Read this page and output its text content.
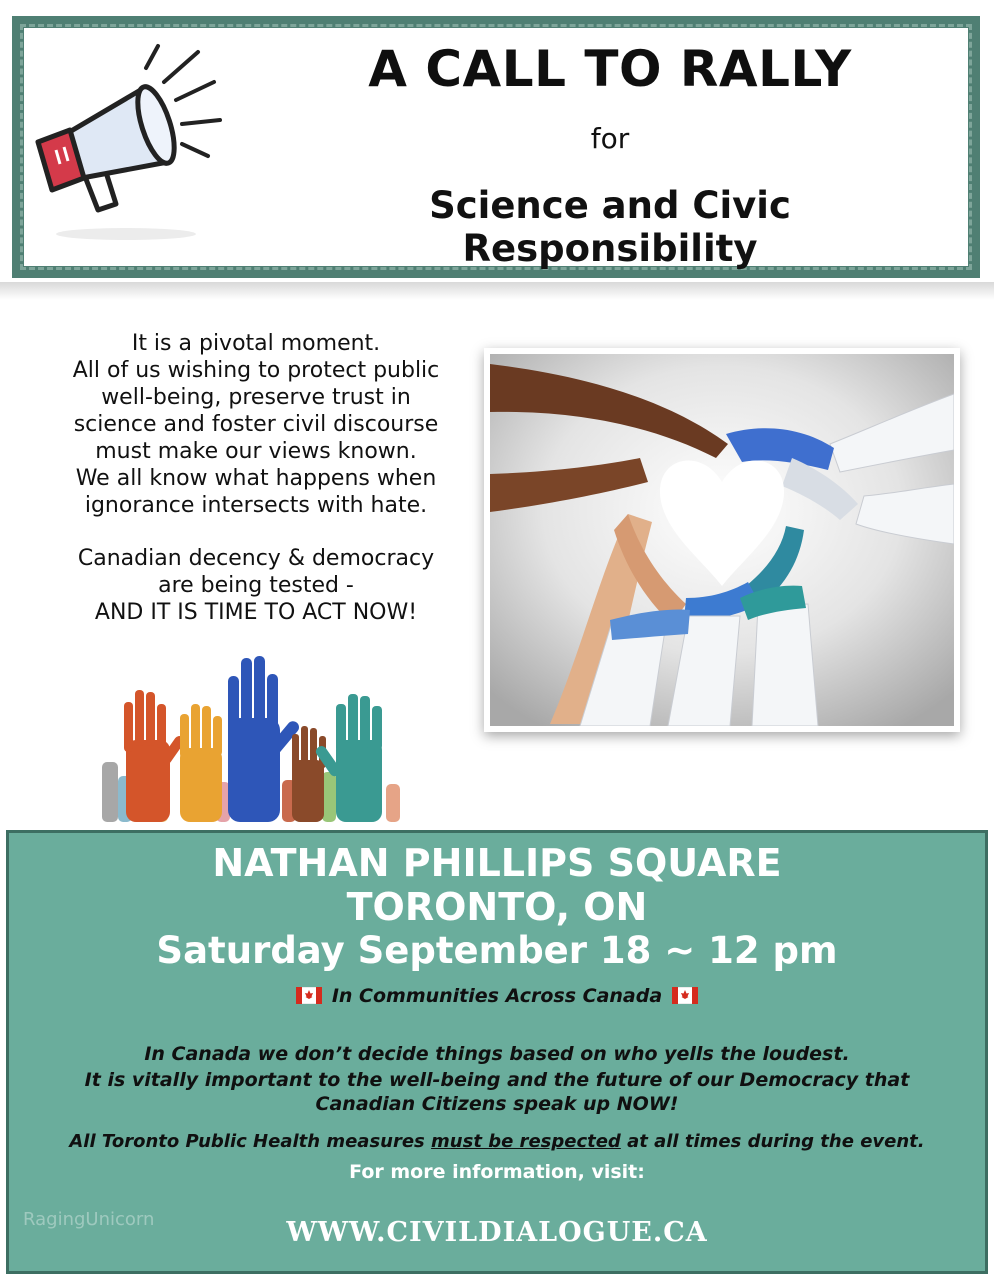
A CALL TO RALLY
for
Science and Civic Responsibility

It is a pivotal moment.

All of us wishing to protect public

well-being, preserve trust in

science and foster civil discourse

must make our views known.

We all know what happens when

ignorance intersects with hate.

Canadian decency & democracy

are being tested -

AND IT IS TIME TO ACT NOW!

NATHAN PHILLIPS SQUARE
TORONTO, ON
Saturday September 18 ~ 12 pm
In Communities Across Canada
In Canada we don’t decide things based on who yells the loudest.
It is vitally important to the well-being and the future of our Democracy that
Canadian Citizens speak up NOW!
All Toronto Public Health measures must be respected at all times during the event.
For more information, visit:
RagingUnicorn	WWW.CIVILDIALOGUE.CA
